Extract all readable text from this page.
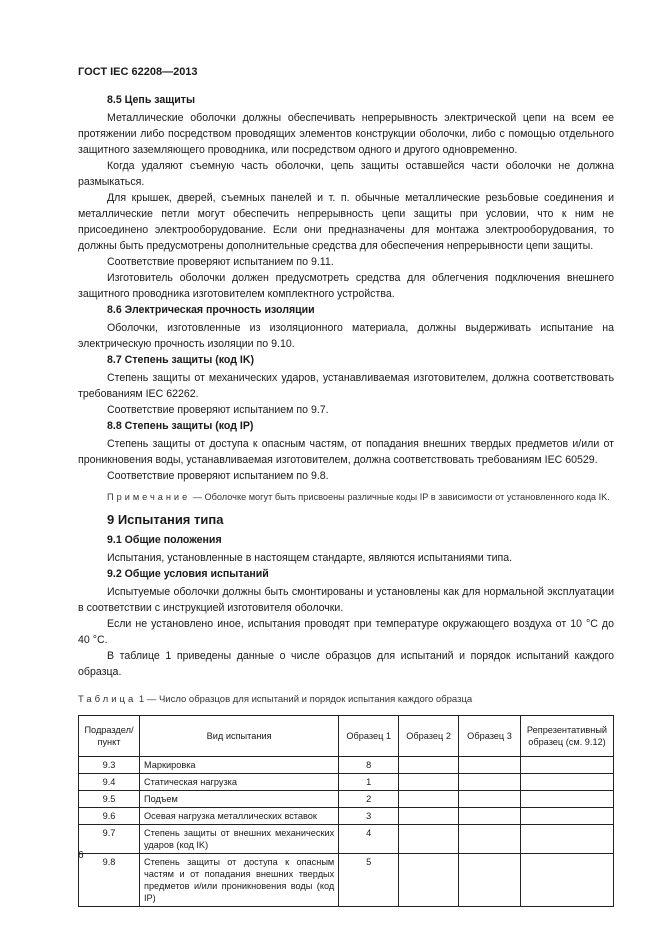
ГОСТ IEC 62208—2013
8.5 Цепь защиты

Металлические оболочки должны обеспечивать непрерывность электрической цепи на всем ее протяжении либо посредством проводящих элементов конструкции оболочки, либо с помощью отдельного защитного заземляющего проводника, или посредством одного и другого одновременно.

Когда удаляют съемную часть оболочки, цепь защиты оставшейся части оболочки не должна размыкаться.

Для крышек, дверей, съемных панелей и т. п. обычные металлические резьбовые соединения и металлические петли могут обеспечить непрерывность цепи защиты при условии, что к ним не присоединено электрооборудование. Если они предназначены для монтажа электрооборудования, то должны быть предусмотрены дополнительные средства для обеспечения непрерывности цепи защиты.

Соответствие проверяют испытанием по 9.11.

Изготовитель оболочки должен предусмотреть средства для облегчения подключения внешнего защитного проводника изготовителем комплектного устройства.

8.6 Электрическая прочность изоляции

Оболочки, изготовленные из изоляционного материала, должны выдерживать испытание на электрическую прочность изоляции по 9.10.

8.7 Степень защиты (код IK)

Степень защиты от механических ударов, устанавливаемая изготовителем, должна соответствовать требованиям IEC 62262.

Соответствие проверяют испытанием по 9.7.

8.8 Степень защиты (код IP)

Степень защиты от доступа к опасным частям, от попадания внешних твердых предметов и/или от проникновения воды, устанавливаемая изготовителем, должна соответствовать требованиям IEC 60529.

Соответствие проверяют испытанием по 9.8.

Примечание — Оболочке могут быть присвоены различные коды IP в зависимости от установленного кода IK.

9 Испытания типа
9.1 Общие положения

Испытания, установленные в настоящем стандарте, являются испытаниями типа.

9.2 Общие условия испытаний

Испытуемые оболочки должны быть смонтированы и установлены как для нормальной эксплуатации в соответствии с инструкцией изготовителя оболочки.

Если не установлено иное, испытания проводят при температуре окружающего воздуха от 10 °С до 40 °С.

В таблице 1 приведены данные о числе образцов для испытаний и порядок испытаний каждого образца.

Таблица 1 — Число образцов для испытаний и порядок испытания каждого образца
Подраздел/ пункт	Вид испытания	Образец 1	Образец 2	Образец 3	Репрезентативный образец (см. 9.12)
9.3	Маркировка	8			
9.4	Статическая нагрузка	1			
9.5	Подъем	2			
9.6	Осевая нагрузка металлических вставок	3			
9.7	Степень защиты от внешних механических ударов (код IK)	4			
9.8	Степень защиты от доступа к опасным частям и от попадания внешних твердых предметов и/или проникновения воды (код IP)	5			
6
